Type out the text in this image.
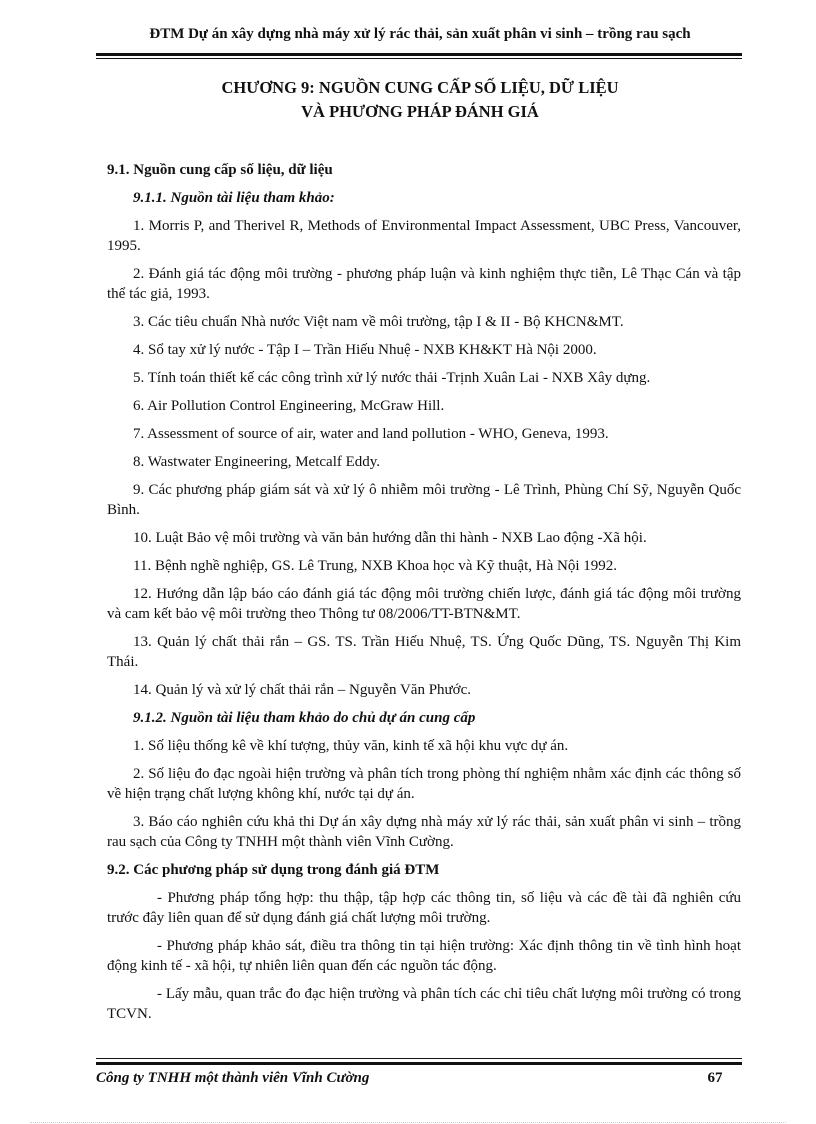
ĐTM Dự án xây dựng nhà máy xử lý rác thải, sản xuất phân vi sinh – trồng rau sạch
CHƯƠNG 9: NGUỒN CUNG CẤP SỐ LIỆU, DỮ LIỆU
VÀ PHƯƠNG PHÁP ĐÁNH GIÁ
9.1. Nguồn cung cấp số liệu, dữ liệu
9.1.1. Nguồn tài liệu tham khảo:

1. Morris P, and Therivel R, Methods of Environmental Impact Assessment, UBC Press, Vancouver, 1995.

2. Đánh giá tác động môi trường - phương pháp luận và kinh nghiệm thực tiễn, Lê Thạc Cán và tập thể tác giả, 1993.

3. Các tiêu chuẩn Nhà nước Việt nam về môi trường, tập I & II - Bộ KHCN&MT.

4. Sổ tay xử lý nước - Tập I – Trần Hiếu Nhuệ - NXB KH&KT Hà Nội 2000.

5. Tính toán thiết kế các công trình xử lý nước thải -Trịnh Xuân Lai - NXB Xây dựng.

6. Air Pollution Control Engineering, McGraw Hill.

7. Assessment of source of air, water and land pollution - WHO, Geneva, 1993.

8. Wastwater Engineering, Metcalf Eddy.

9. Các phương pháp giám sát và xử lý ô nhiễm môi trường - Lê Trình, Phùng Chí Sỹ, Nguyễn Quốc Bình.

10. Luật Bảo vệ môi trường và văn bản hướng dẫn thi hành - NXB Lao động -Xã hội.

11. Bệnh nghề nghiệp, GS. Lê Trung, NXB Khoa học và Kỹ thuật, Hà Nội 1992.

12. Hướng dẫn lập báo cáo đánh giá tác động môi trường chiến lược, đánh giá tác động môi trường và cam kết bảo vệ môi trường theo Thông tư 08/2006/TT-BTN&MT.

13. Quản lý chất thải rắn – GS. TS. Trần Hiếu Nhuệ, TS. Ứng Quốc Dũng, TS. Nguyễn Thị Kim Thái.

14. Quản lý và xử lý chất thải rắn – Nguyễn Văn Phước.

9.1.2. Nguồn tài liệu tham khảo do chủ dự án cung cấp

1. Số liệu thống kê về khí tượng, thủy văn, kinh tế xã hội khu vực dự án.

2. Số liệu đo đạc ngoài hiện trường và phân tích trong phòng thí nghiệm nhằm xác định các thông số về hiện trạng chất lượng không khí, nước tại dự án.

3. Báo cáo nghiên cứu khả thi Dự án xây dựng nhà máy xử lý rác thải, sản xuất phân vi sinh – trồng rau sạch của Công ty TNHH một thành viên Vĩnh Cường.

9.2. Các phương pháp sử dụng trong đánh giá ĐTM

- Phương pháp tổng hợp: thu thập, tập hợp các thông tin, số liệu và các đề tài đã nghiên cứu trước đây liên quan để sử dụng đánh giá chất lượng môi trường.

- Phương pháp khảo sát, điều tra thông tin tại hiện trường: Xác định thông tin về tình hình hoạt động kinh tế - xã hội, tự nhiên liên quan đến các nguồn tác động.

- Lấy mẫu, quan trắc đo đạc hiện trường và phân tích các chỉ tiêu chất lượng môi trường có trong TCVN.

Công ty TNHH một thành viên Vĩnh Cường	67
